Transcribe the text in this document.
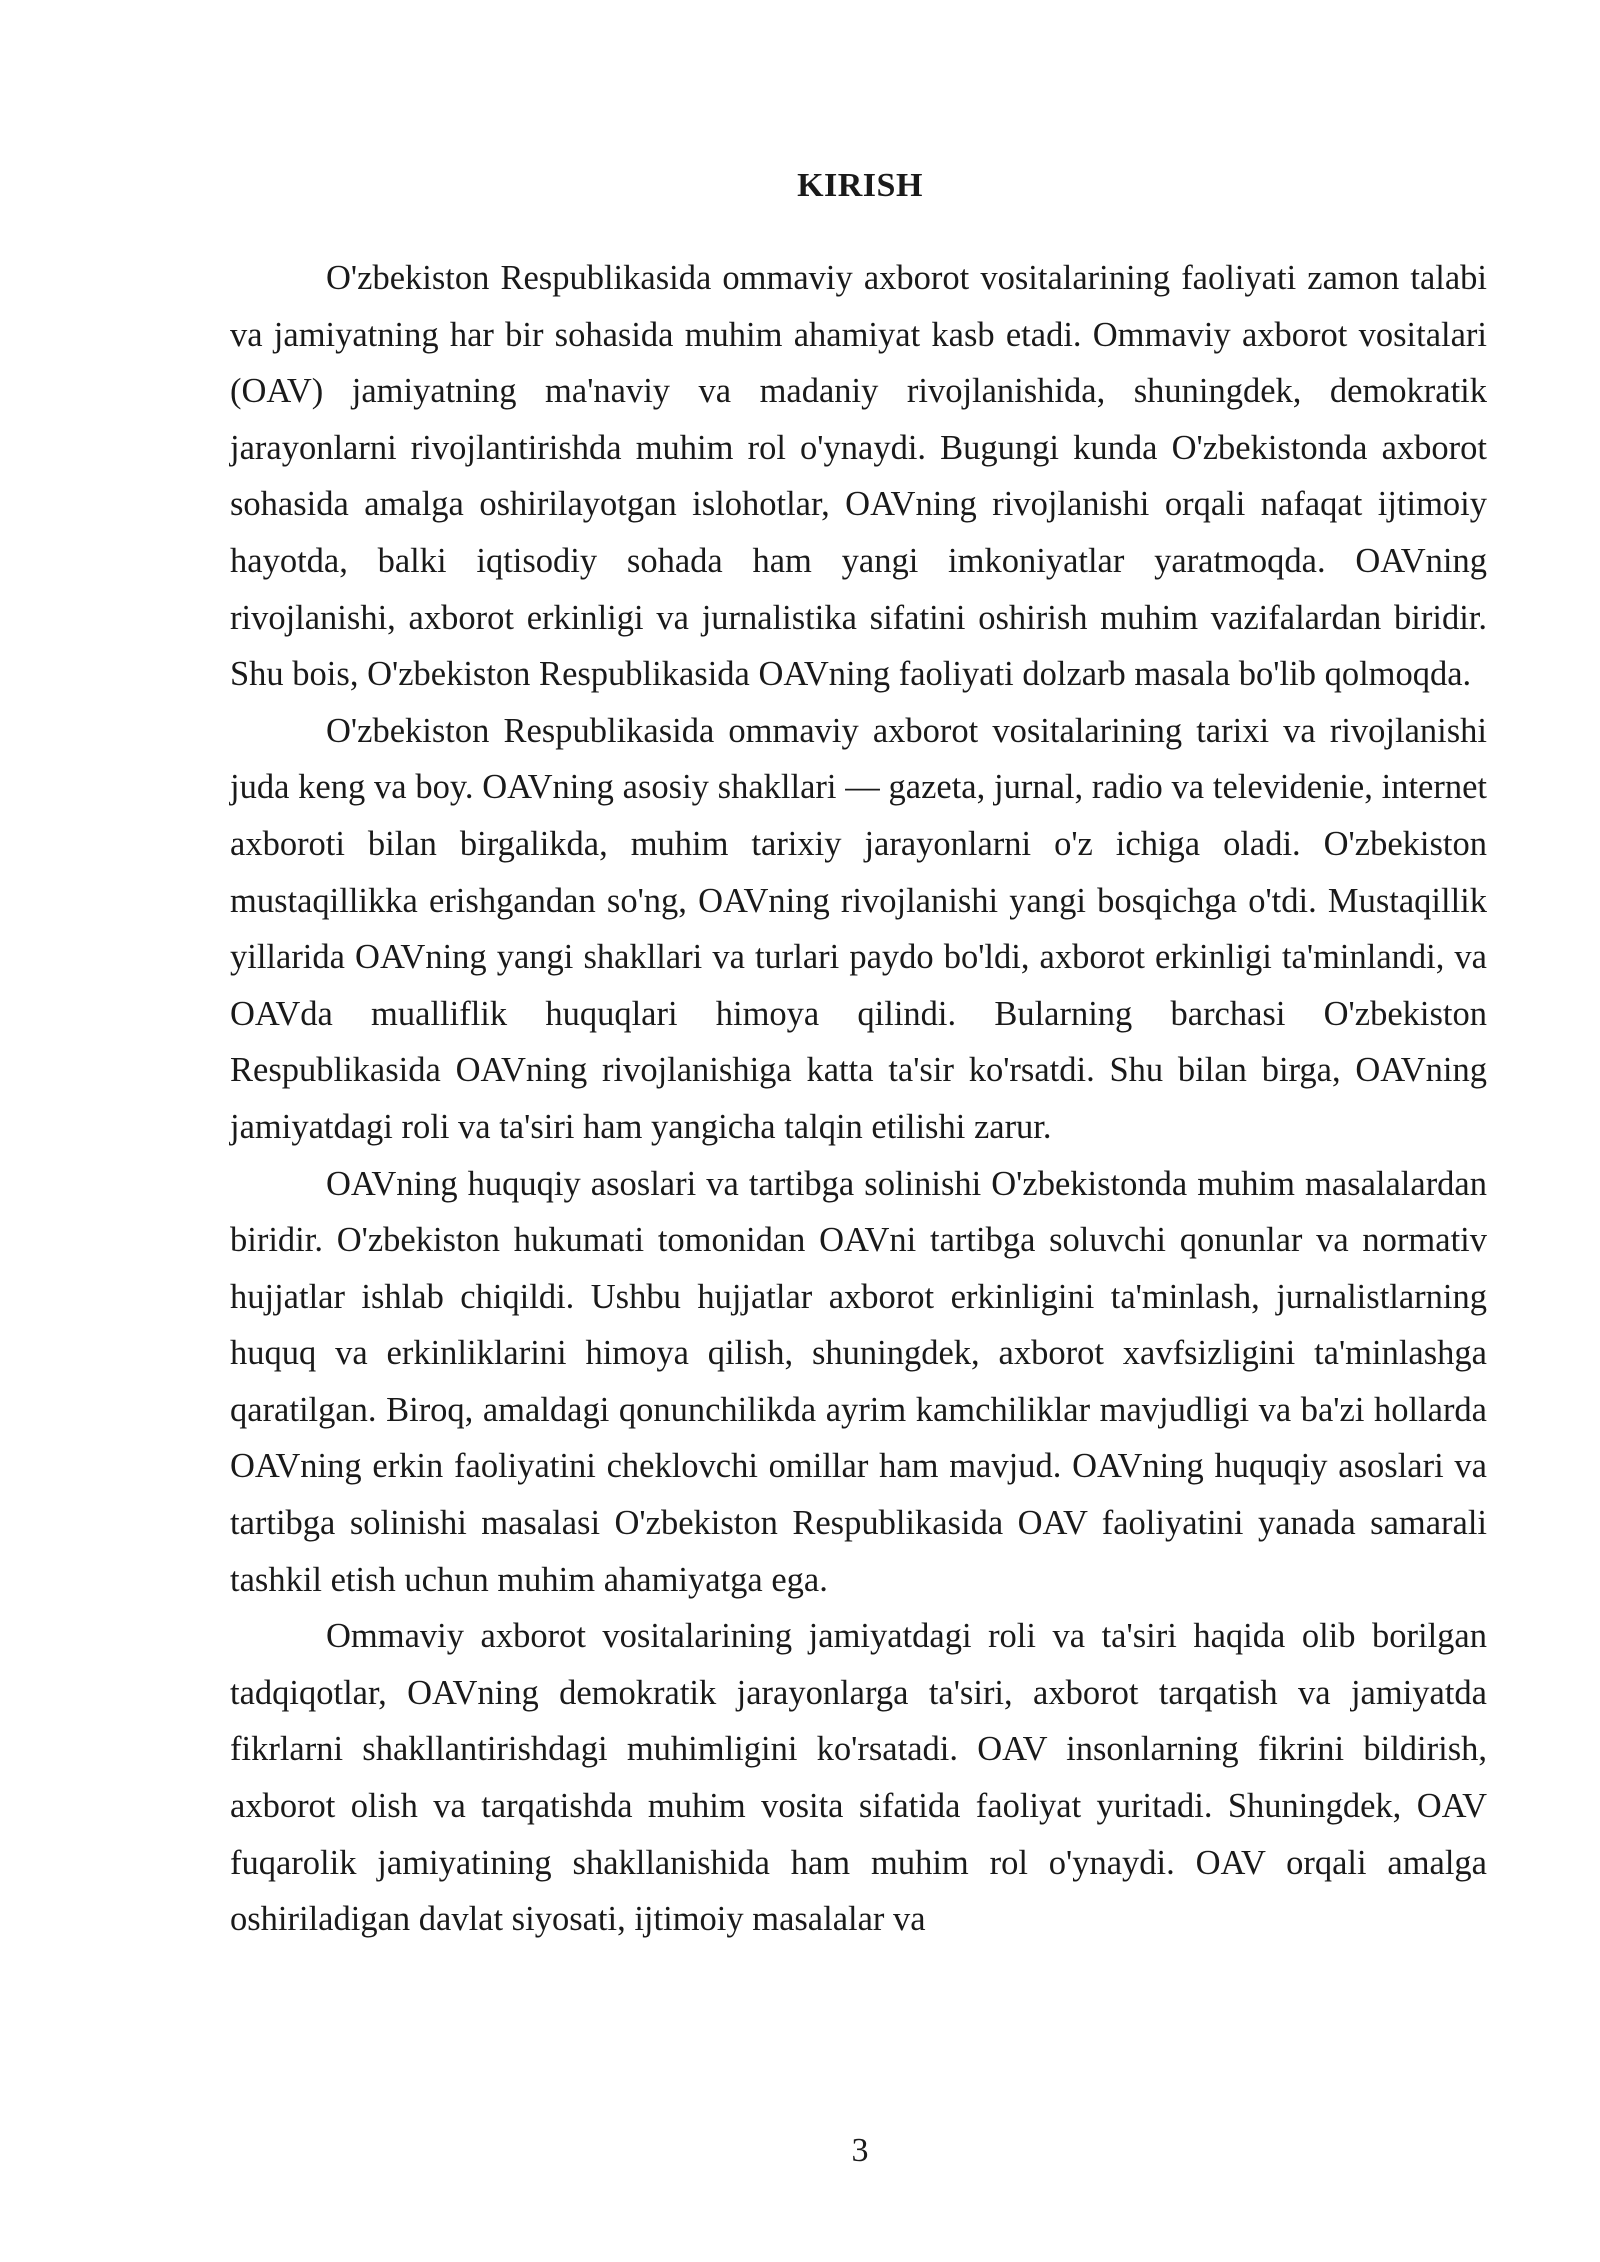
KIRISH

O'zbekiston Respublikasida ommaviy axborot vositalarining faoliyati zamon talabi va jamiyatning har bir sohasida muhim ahamiyat kasb etadi. Ommaviy axborot vositalari (OAV) jamiyatning ma'naviy va madaniy rivojlanishida, shuningdek, demokratik jarayonlarni rivojlantirishda muhim rol o'ynaydi. Bugungi kunda O'zbekistonda axborot sohasida amalga oshirilayotgan islohotlar, OAVning rivojlanishi orqali nafaqat ijtimoiy hayotda, balki iqtisodiy sohada ham yangi imkoniyatlar yaratmoqda. OAVning rivojlanishi, axborot erkinligi va jurnalistika sifatini oshirish muhim vazifalardan biridir. Shu bois, O'zbekiston Respublikasida OAVning faoliyati dolzarb masala bo'lib qolmoqda.

O'zbekiston Respublikasida ommaviy axborot vositalarining tarixi va rivojlanishi juda keng va boy. OAVning asosiy shakllari — gazeta, jurnal, radio va televidenie, internet axboroti bilan birgalikda, muhim tarixiy jarayonlarni o'z ichiga oladi. O'zbekiston mustaqillikka erishgandan so'ng, OAVning rivojlanishi yangi bosqichga o'tdi. Mustaqillik yillarida OAVning yangi shakllari va turlari paydo bo'ldi, axborot erkinligi ta'minlandi, va OAVda mualliflik huquqlari himoya qilindi. Bularning barchasi O'zbekiston Respublikasida OAVning rivojlanishiga katta ta'sir ko'rsatdi. Shu bilan birga, OAVning jamiyatdagi roli va ta'siri ham yangicha talqin etilishi zarur.

OAVning huquqiy asoslari va tartibga solinishi O'zbekistonda muhim masalalardan biridir. O'zbekiston hukumati tomonidan OAVni tartibga soluvchi qonunlar va normativ hujjatlar ishlab chiqildi. Ushbu hujjatlar axborot erkinligini ta'minlash, jurnalistlarning huquq va erkinliklarini himoya qilish, shuningdek, axborot xavfsizligini ta'minlashga qaratilgan. Biroq, amaldagi qonunchilikda ayrim kamchiliklar mavjudligi va ba'zi hollarda OAVning erkin faoliyatini cheklovchi omillar ham mavjud. OAVning huquqiy asoslari va tartibga solinishi masalasi O'zbekiston Respublikasida OAV faoliyatini yanada samarali tashkil etish uchun muhim ahamiyatga ega.

Ommaviy axborot vositalarining jamiyatdagi roli va ta'siri haqida olib borilgan tadqiqotlar, OAVning demokratik jarayonlarga ta'siri, axborot tarqatish va jamiyatda fikrlarni shakllantirishdagi muhimligini ko'rsatadi. OAV insonlarning fikrini bildirish, axborot olish va tarqatishda muhim vosita sifatida faoliyat yuritadi. Shuningdek, OAV fuqarolik jamiyatining shakllanishida ham muhim rol o'ynaydi. OAV orqali amalga oshiriladigan davlat siyosati, ijtimoiy masalalar va

3
